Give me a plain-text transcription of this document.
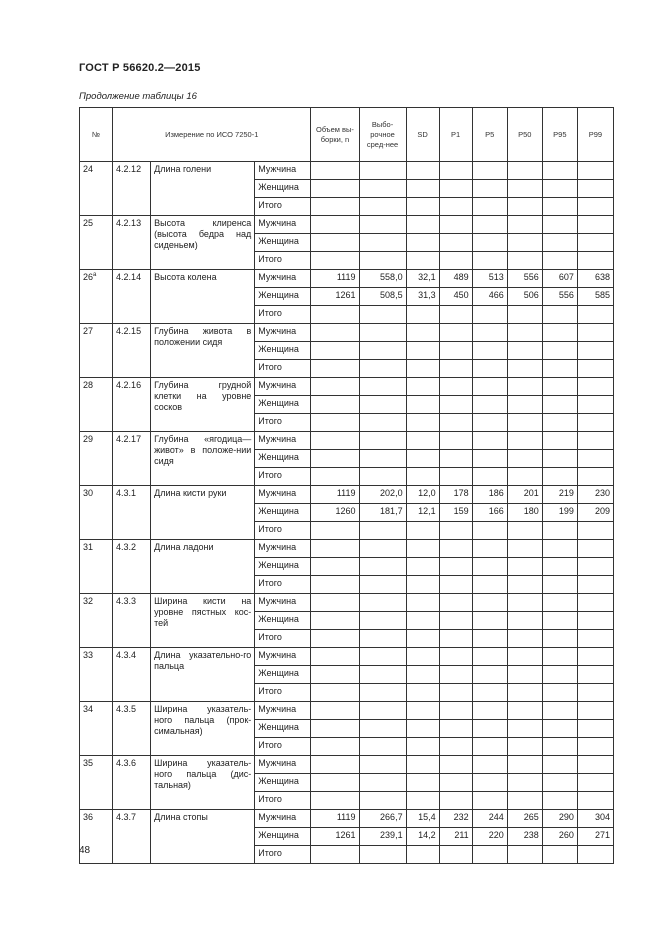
ГОСТ Р 56620.2—2015
Продолжение таблицы 16
№	Измерение по ИСО 7250-1			Объем вы-борки, n	Выбо-рочное сред-нее	SD	P1	P5	P50	P95	P99
24	4.2.12	Длина голени	Мужчина								
			Женщина								
			Итого								
25	4.2.13	Высота клиренса (высота бедра над сиденьем)	Мужчина								
			Женщина								
			Итого								
$26^а$	4.2.14	Высота колена	Мужчина	1119	558,0	32,1	489	513	556	607	638
			Женщина	1261	508,5	31,3	450	466	506	556	585
			Итого								
27	4.2.15	Глубина живота в положении сидя	Мужчина								
			Женщина								
			Итого								
28	4.2.16	Глубина грудной клетки на уровне сосков	Мужчина								
			Женщина								
			Итого								
29	4.2.17	Глубина «ягодица—живот» в положе-нии сидя	Мужчина								
			Женщина								
			Итого								
30	4.3.1	Длина кисти руки	Мужчина	1119	202,0	12,0	178	186	201	219	230
			Женщина	1260	181,7	12,1	159	166	180	199	209
			Итого								
31	4.3.2	Длина ладони	Мужчина								
			Женщина								
			Итого								
32	4.3.3	Ширина кисти на уровне пястных кос-тей	Мужчина								
			Женщина								
			Итого								
33	4.3.4	Длина указательно-го пальца	Мужчина								
			Женщина								
			Итого								
34	4.3.5	Ширина указатель-ного пальца (прок-симальная)	Мужчина								
			Женщина								
			Итого								
35	4.3.6	Ширина указатель-ного пальца (дис-тальная)	Мужчина								
			Женщина								
			Итого								
36	4.3.7	Длина стопы	Мужчина	1119	266,7	15,4	232	244	265	290	304
			Женщина	1261	239,1	14,2	211	220	238	260	271
			Итого								
48
